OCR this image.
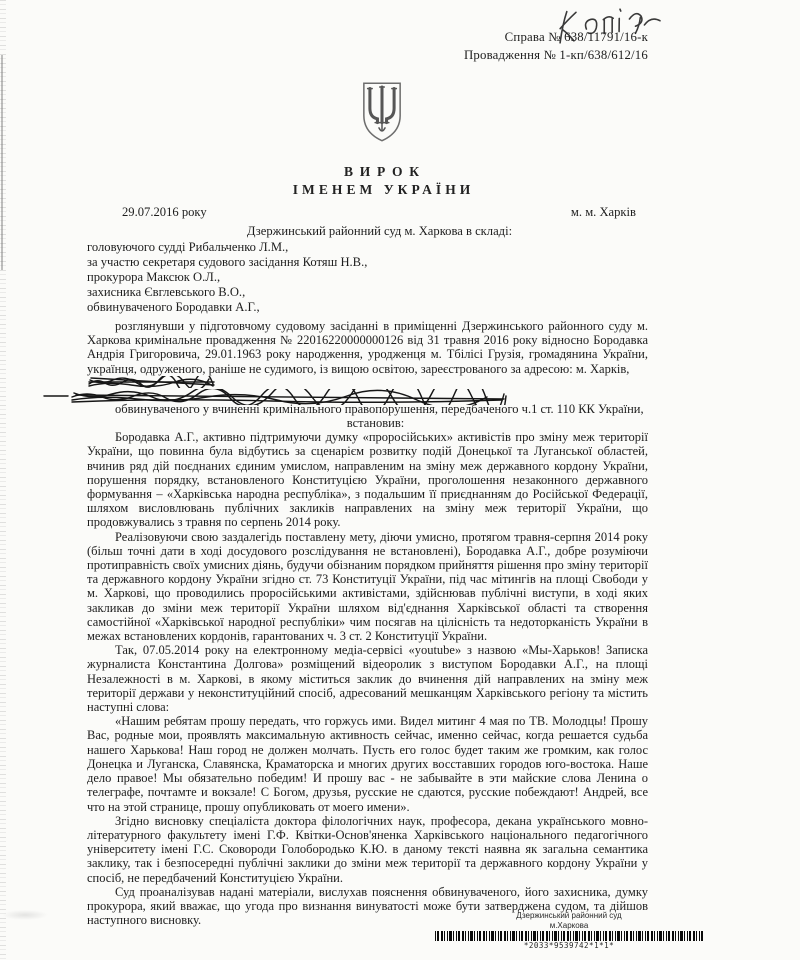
Справа № 638/11791/16-к
Провадження № 1-кп/638/612/16
ВИРОК
ІМЕНЕМ УКРАЇНИ
29.07.2016 року	м. м. Харків
Дзержинський районний суд м. Харкова в складі:
головуючого судді Рибальченко Л.М.,
за участю секретаря судового засідання Котяш Н.В.,
прокурора Максюк О.Л.,
захисника Євглевського В.О.,
обвинуваченого Бородавки А.Г.,

розглянувши у підготовчому судовому засіданні в приміщенні Дзержинського районного суду м. Харкова кримінальне провадження № 22016220000000126 від 31 травня 2016 року відносно Бородавка Андрія Григоровича, 29.01.1963 року народження, уродженця м. Тбілісі Грузія, громадянина України, українця, одруженого, раніше не судимого, із вищою освітою, зареєстрованого за адресою: м. Харків,

обвинуваченого у вчиненні кримінального правопорушення, передбаченого ч.1 ст. 110 КК України,

встановив:

Бородавка А.Г., активно підтримуючи думку «проросійських» активістів про зміну меж території України, що повинна була відбутись за сценарієм розвитку подій Донецької та Луганської областей, вчинив ряд дій поєднаних єдиним умислом, направленим на зміну меж державного кордону України, порушення порядку, встановленого Конституцією України, проголошення незаконного державного формування – «Харківська народна республіка», з подальшим її приєднанням до Російської Федерації, шляхом висловлювань публічних закликів направлених на зміну меж території України, що продовжувались з травня по серпень 2014 року.

Реалізовуючи свою заздалегідь поставлену мету, діючи умисно, протягом травня-серпня 2014 року (більш точні дати в ході досудового розслідування не встановлені), Бородавка А.Г., добре розуміючи протиправність своїх умисних діянь, будучи обізнаним порядком прийняття рішення про зміну території та державного кордону України згідно ст. 73 Конституції України, під час мітингів на площі Свободи у м. Харкові, що проводились проросійськими активістами, здійснював публічні виступи, в ході яких закликав до зміни меж території України шляхом від'єднання Харківської області та створення самостійної «Харківської народної республіки» чим посягав на цілісність та недоторканість України в межах встановлених кордонів, гарантованих ч. 3 ст. 2 Конституції України.

Так, 07.05.2014 року на електронному медіа-сервісі «youtube» з назвою «Мы-Харьков! Записка журналиста Константина Долгова» розміщений відеоролик з виступом Бородавки А.Г., на площі Незалежності в м. Харкові, в якому міститься заклик до вчинення дій направлених на зміну меж території держави у неконституційний спосіб, адресований мешканцям Харківського регіону та містить наступні слова:

«Нашим ребятам прошу передать, что горжусь ими. Видел митинг 4 мая по ТВ. Молодцы! Прошу Вас, родные мои, проявлять максимальную активность сейчас, именно сейчас, когда решается судьба нашего Харькова! Наш город не должен молчать. Пусть его голос будет таким же громким, как голос Донецка и Луганска, Славянска, Краматорска и многих других восставших городов юго-востока. Наше дело правое! Мы обязательно победим! И прошу вас - не забывайте в эти майские слова Ленина о телеграфе, почтамте и вокзале! С Богом, друзья, русские не сдаются, русские побеждают! Андрей, все что на этой странице, прошу опубликовать от моего имени».

Згідно висновку спеціаліста доктора філологічних наук, професора, декана українського мовно-літературного факультету імені Г.Ф. Квітки-Основ'яненка Харківського національного педагогічного університету імені Г.С. Сковороди Голобородько К.Ю. в даному тексті наявна як загальна семантика заклику, так і безпосередні публічні заклики до зміни меж території та державного кордону України у спосіб, не передбачений Конституцією України.

Суд проаналізував надані матеріали, вислухав пояснення обвинуваченого, його захисника, думку прокурора, який вважає, що угода про визнання винуватості може бути затверджена судом, та дійшов наступного висновку.	Дзержинський районний суд
м.Харкова
*2033*9539742*1*1*
